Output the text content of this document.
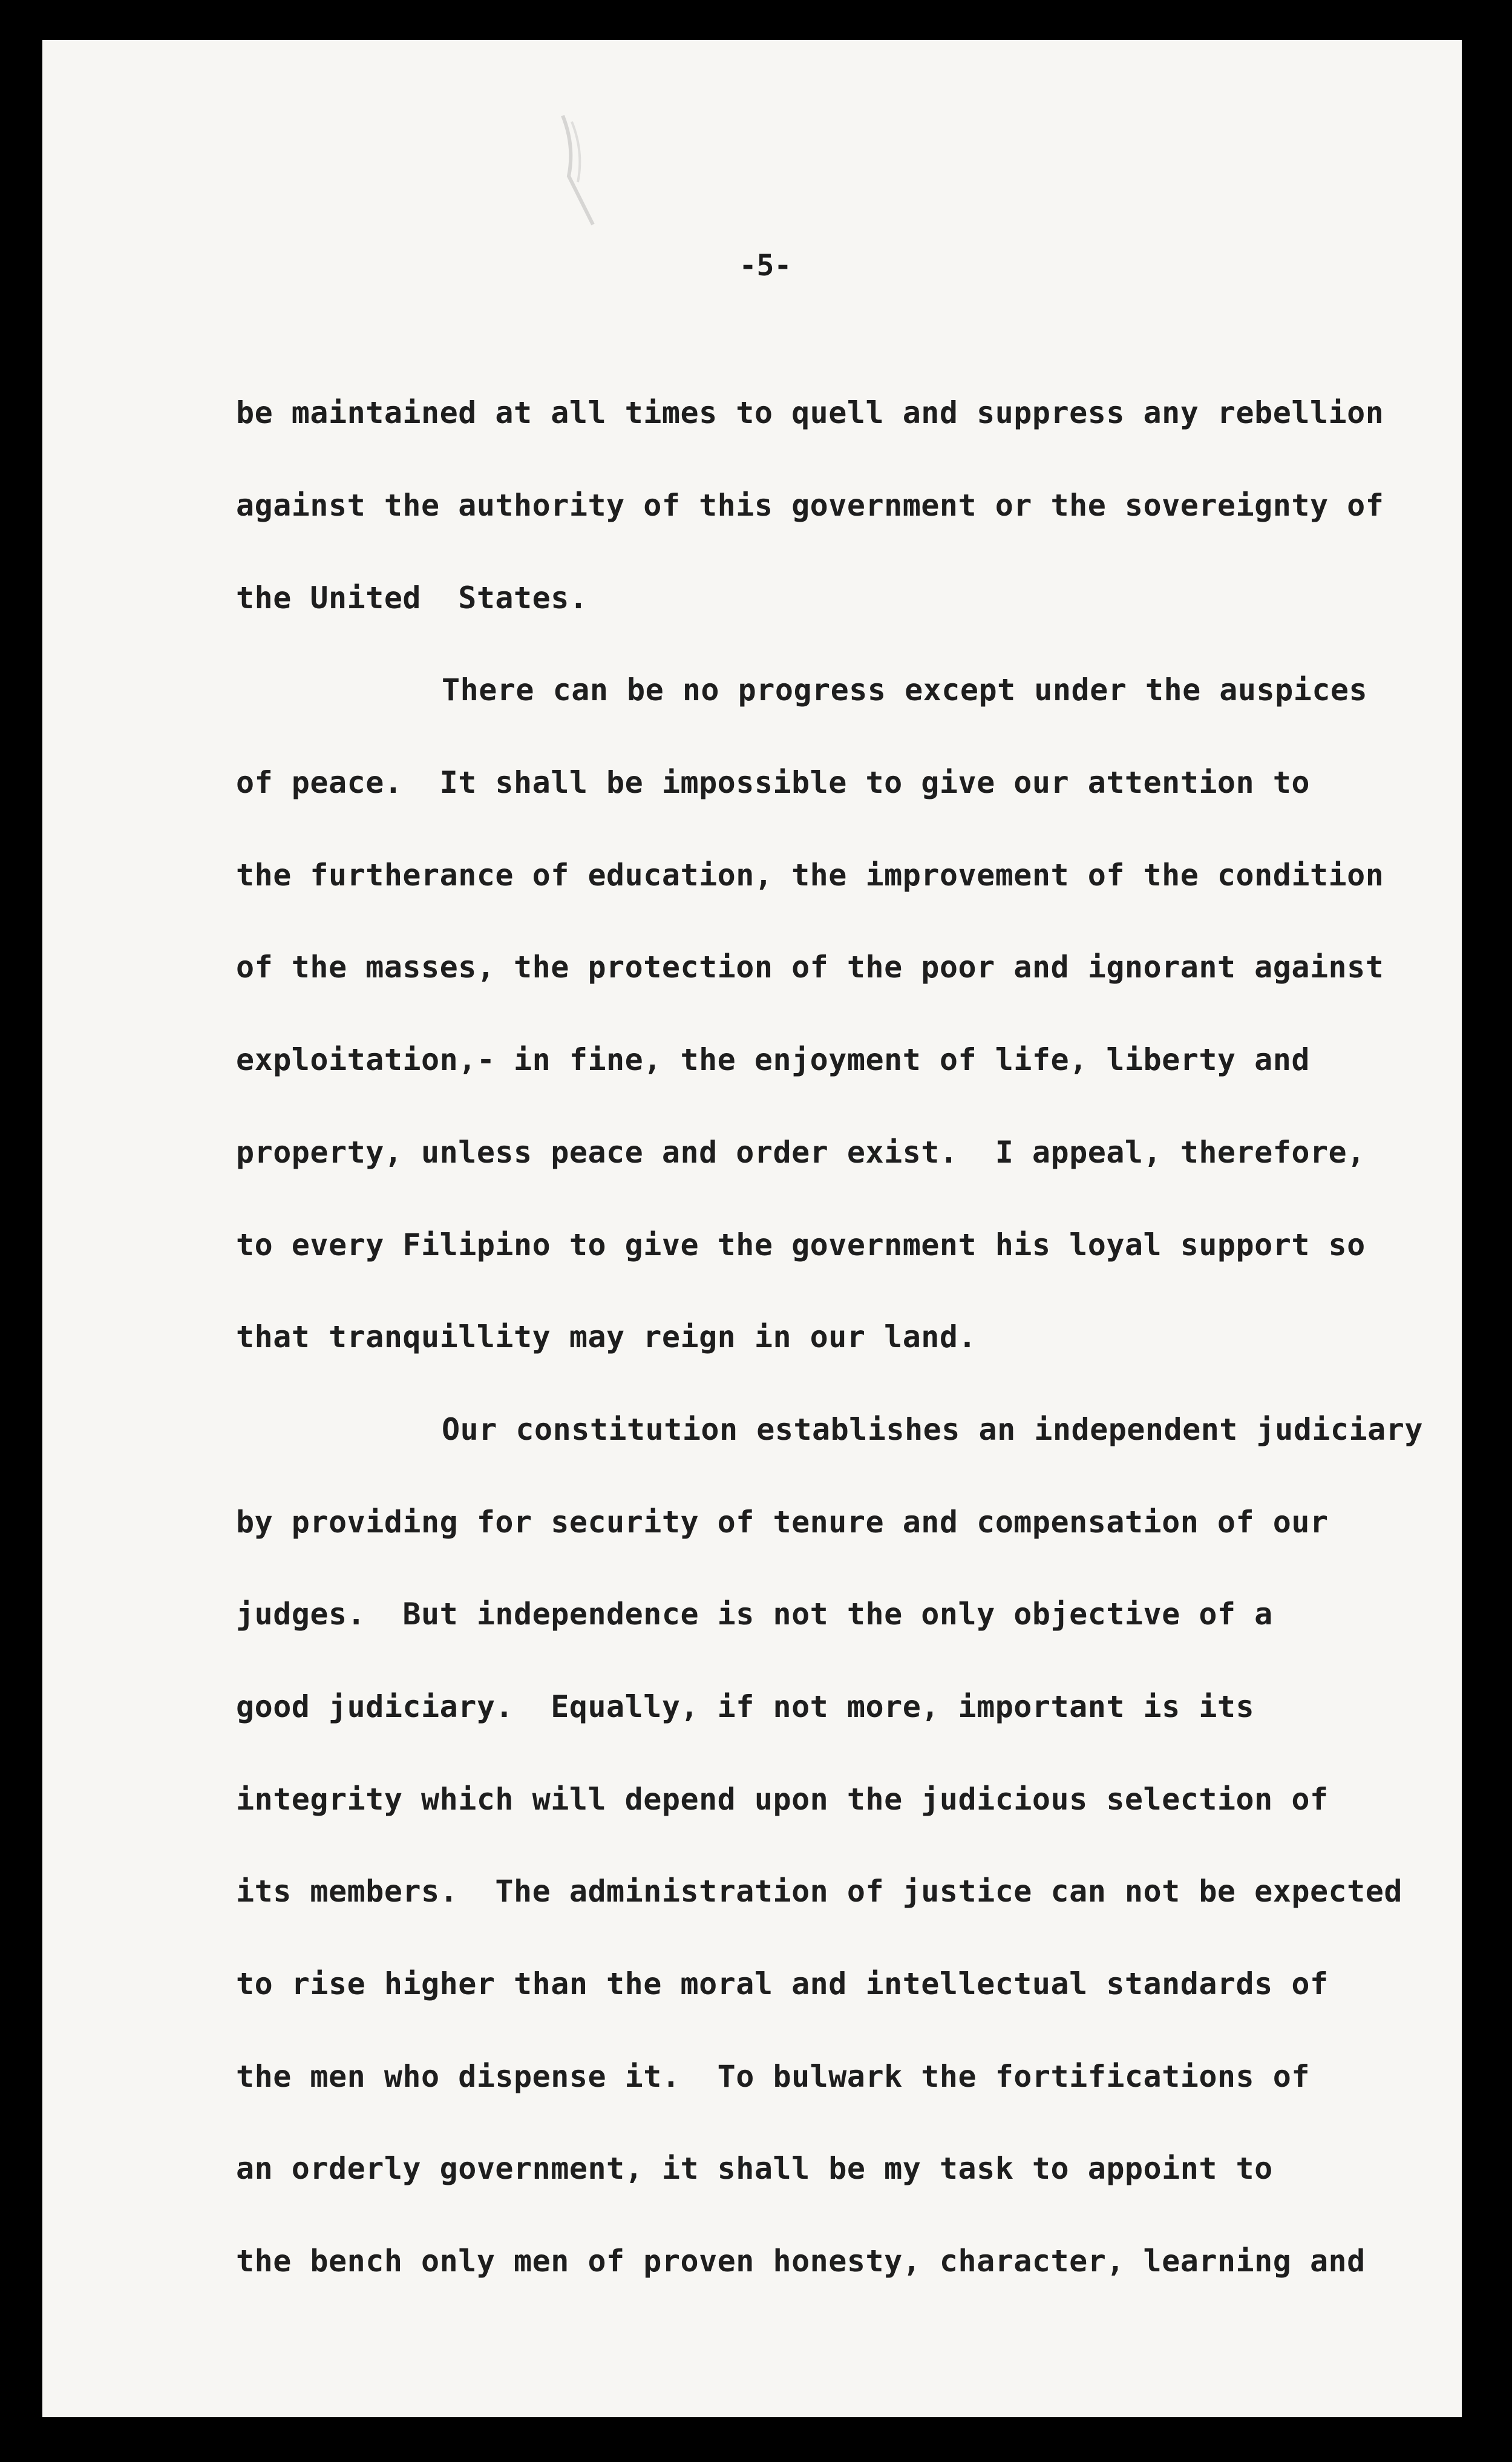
-5-
be maintained at all times to quell and suppress any rebellion
against the authority of this government or the sovereignty of
the United  States.
There can be no progress except under the auspices
of peace.  It shall be impossible to give our attention to
the furtherance of education, the improvement of the condition
of the masses, the protection of the poor and ignorant against
exploitation,- in fine, the enjoyment of life, liberty and
property, unless peace and order exist.  I appeal, therefore,
to every Filipino to give the government his loyal support so
that tranquillity may reign in our land.
Our constitution establishes an independent judiciary
by providing for security of tenure and compensation of our
judges.  But independence is not the only objective of a
good judiciary.  Equally, if not more, important is its
integrity which will depend upon the judicious selection of
its members.  The administration of justice can not be expected
to rise higher than the moral and intellectual standards of
the men who dispense it.  To bulwark the fortifications of
an orderly government, it shall be my task to appoint to
the bench only men of proven honesty, character, learning and
